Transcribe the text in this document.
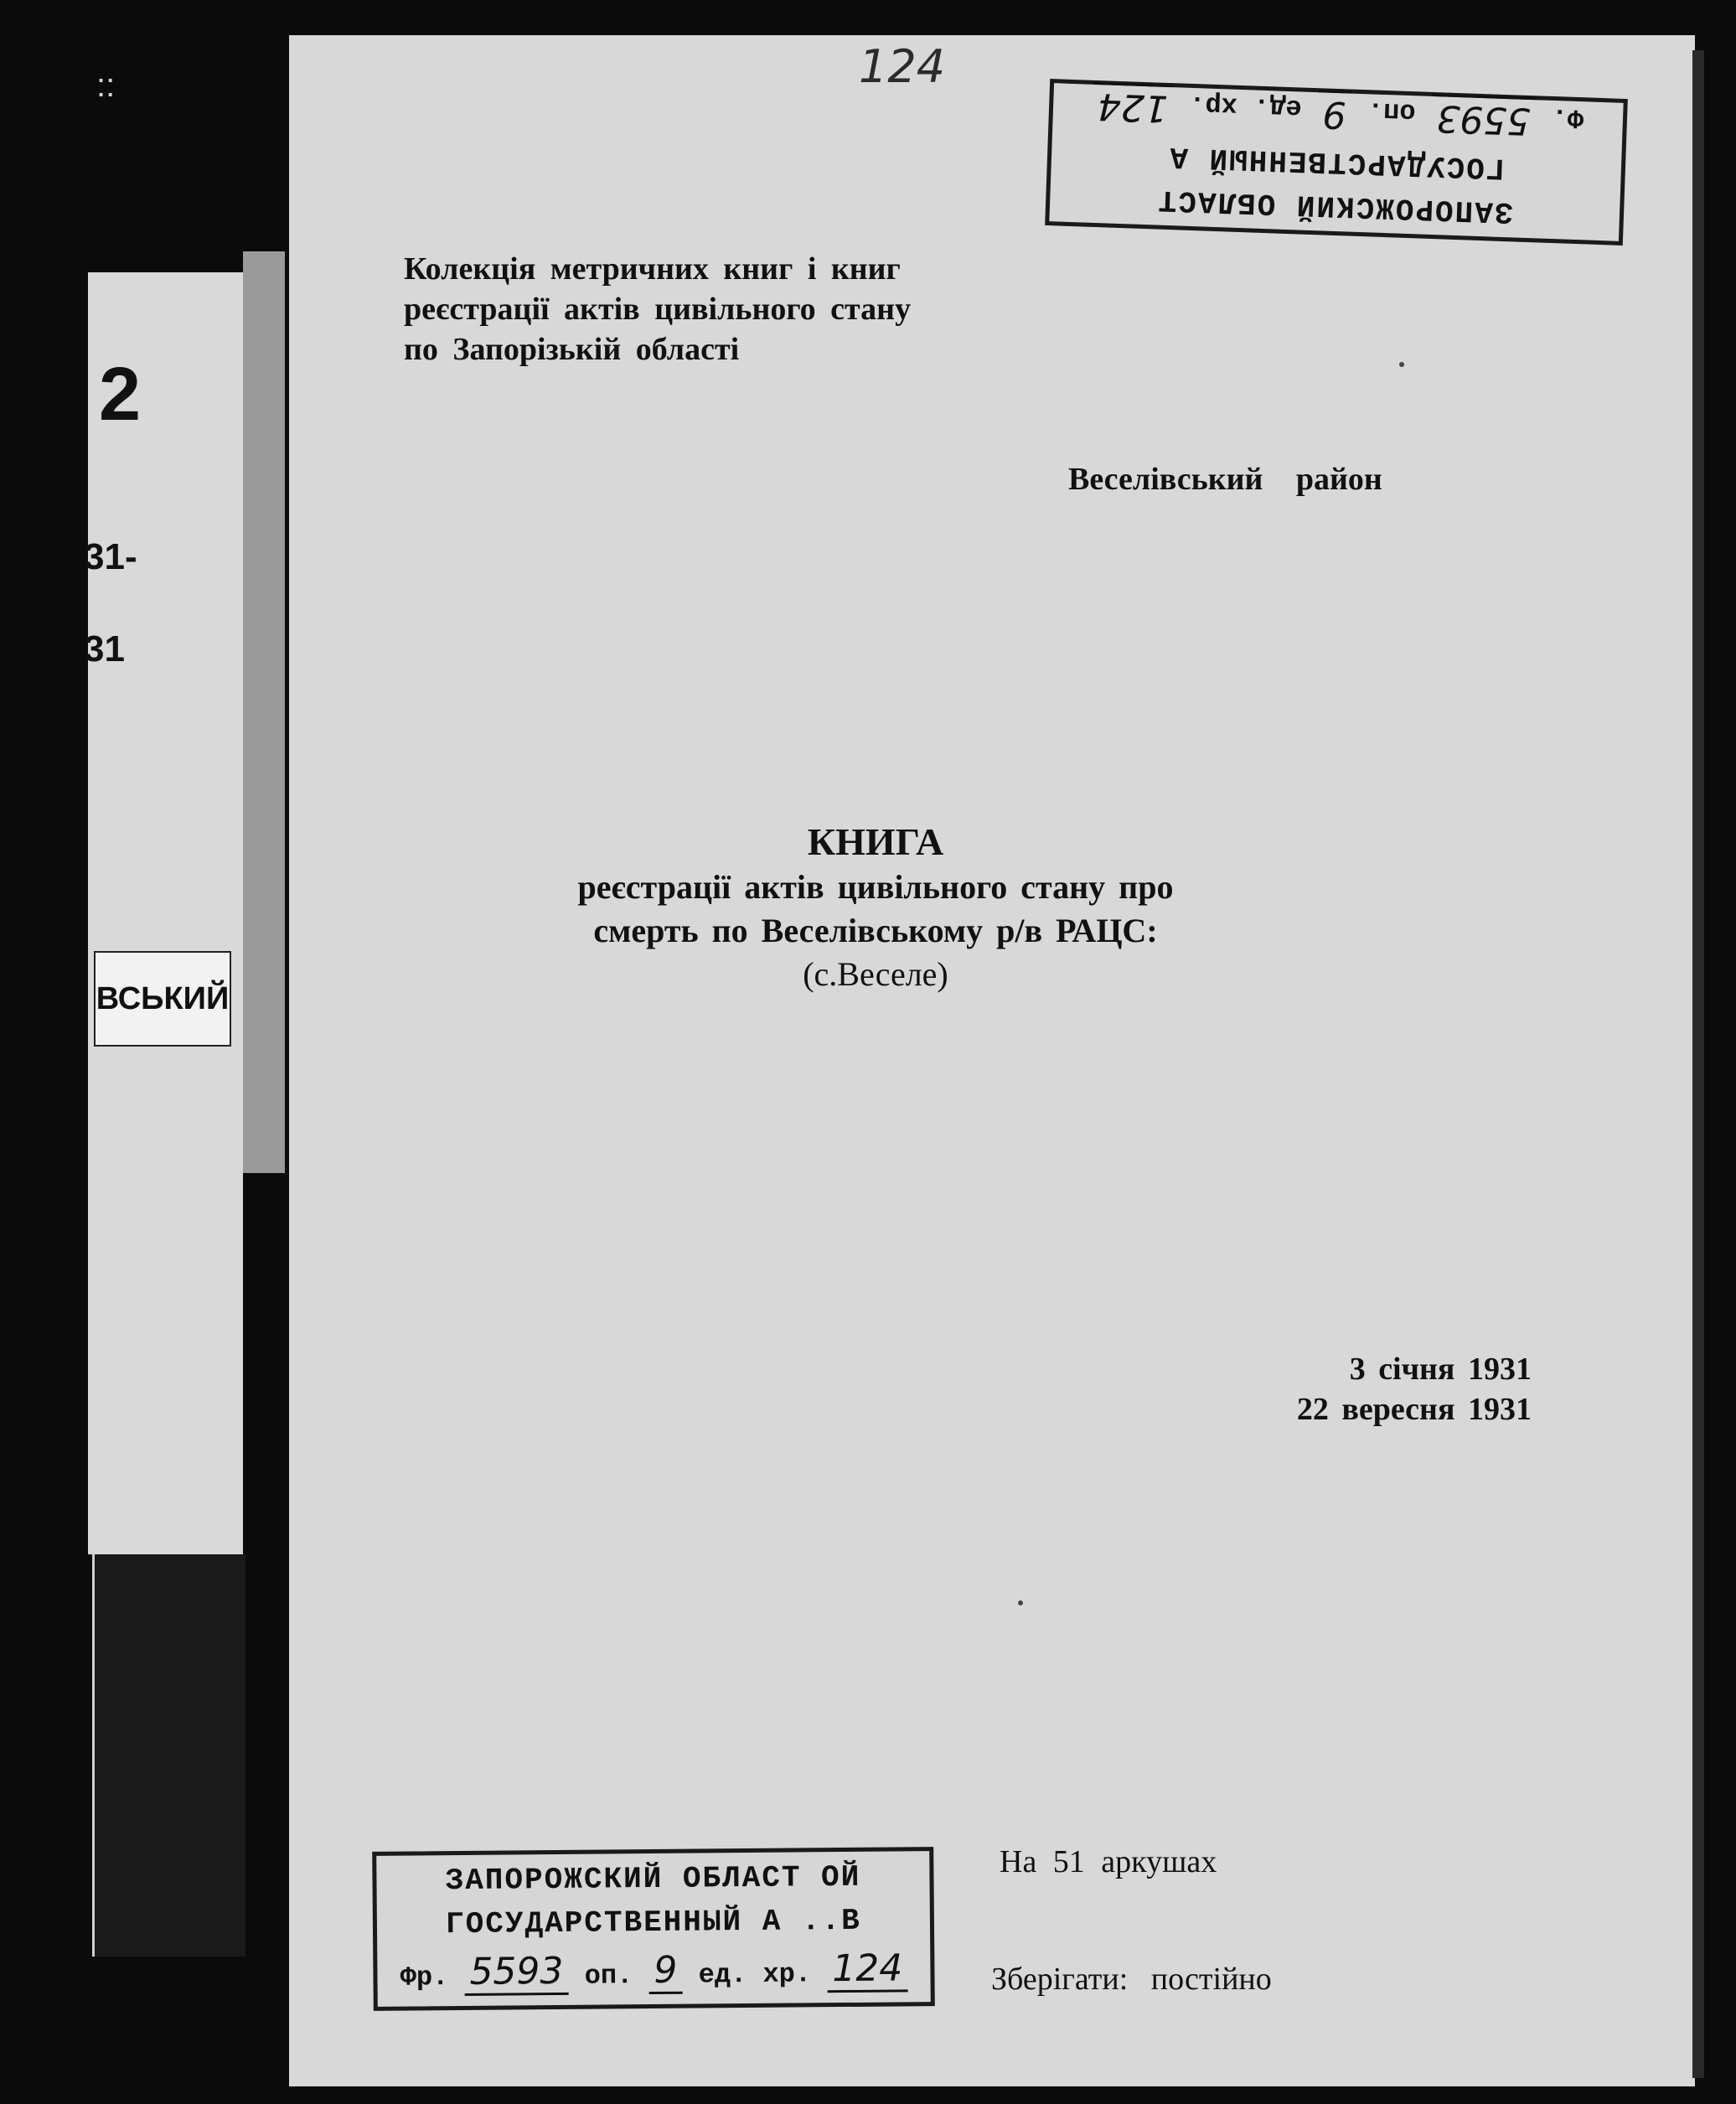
2
31-
31
ВСЬКИЙ
::	124
ЗАПОРОЖСКИЙ ОБЛАСТ
ГОСУДАРСТВЕННЫЙ А
Ф. 5593 оп. 9 ед. хр. 124
Колекція метричних книг і книг
реєстрації актів цивільного стану
по Запорізькій області
Веселівський район
КНИГА
реєстрації актів цивільного стану про
смерть по Веселівському р/в РАЦС:
(с.Веселе)
3 січня 1931
22 вересня 1931
На 51 аркушах
Зберігати: постійно
ЗАПОРОЖСКИЙ ОБЛАСТ ОЙ
ГОСУДАРСТВЕННЫЙ А ..В
Фр. 5593 оп. 9 ед. хр. 124
